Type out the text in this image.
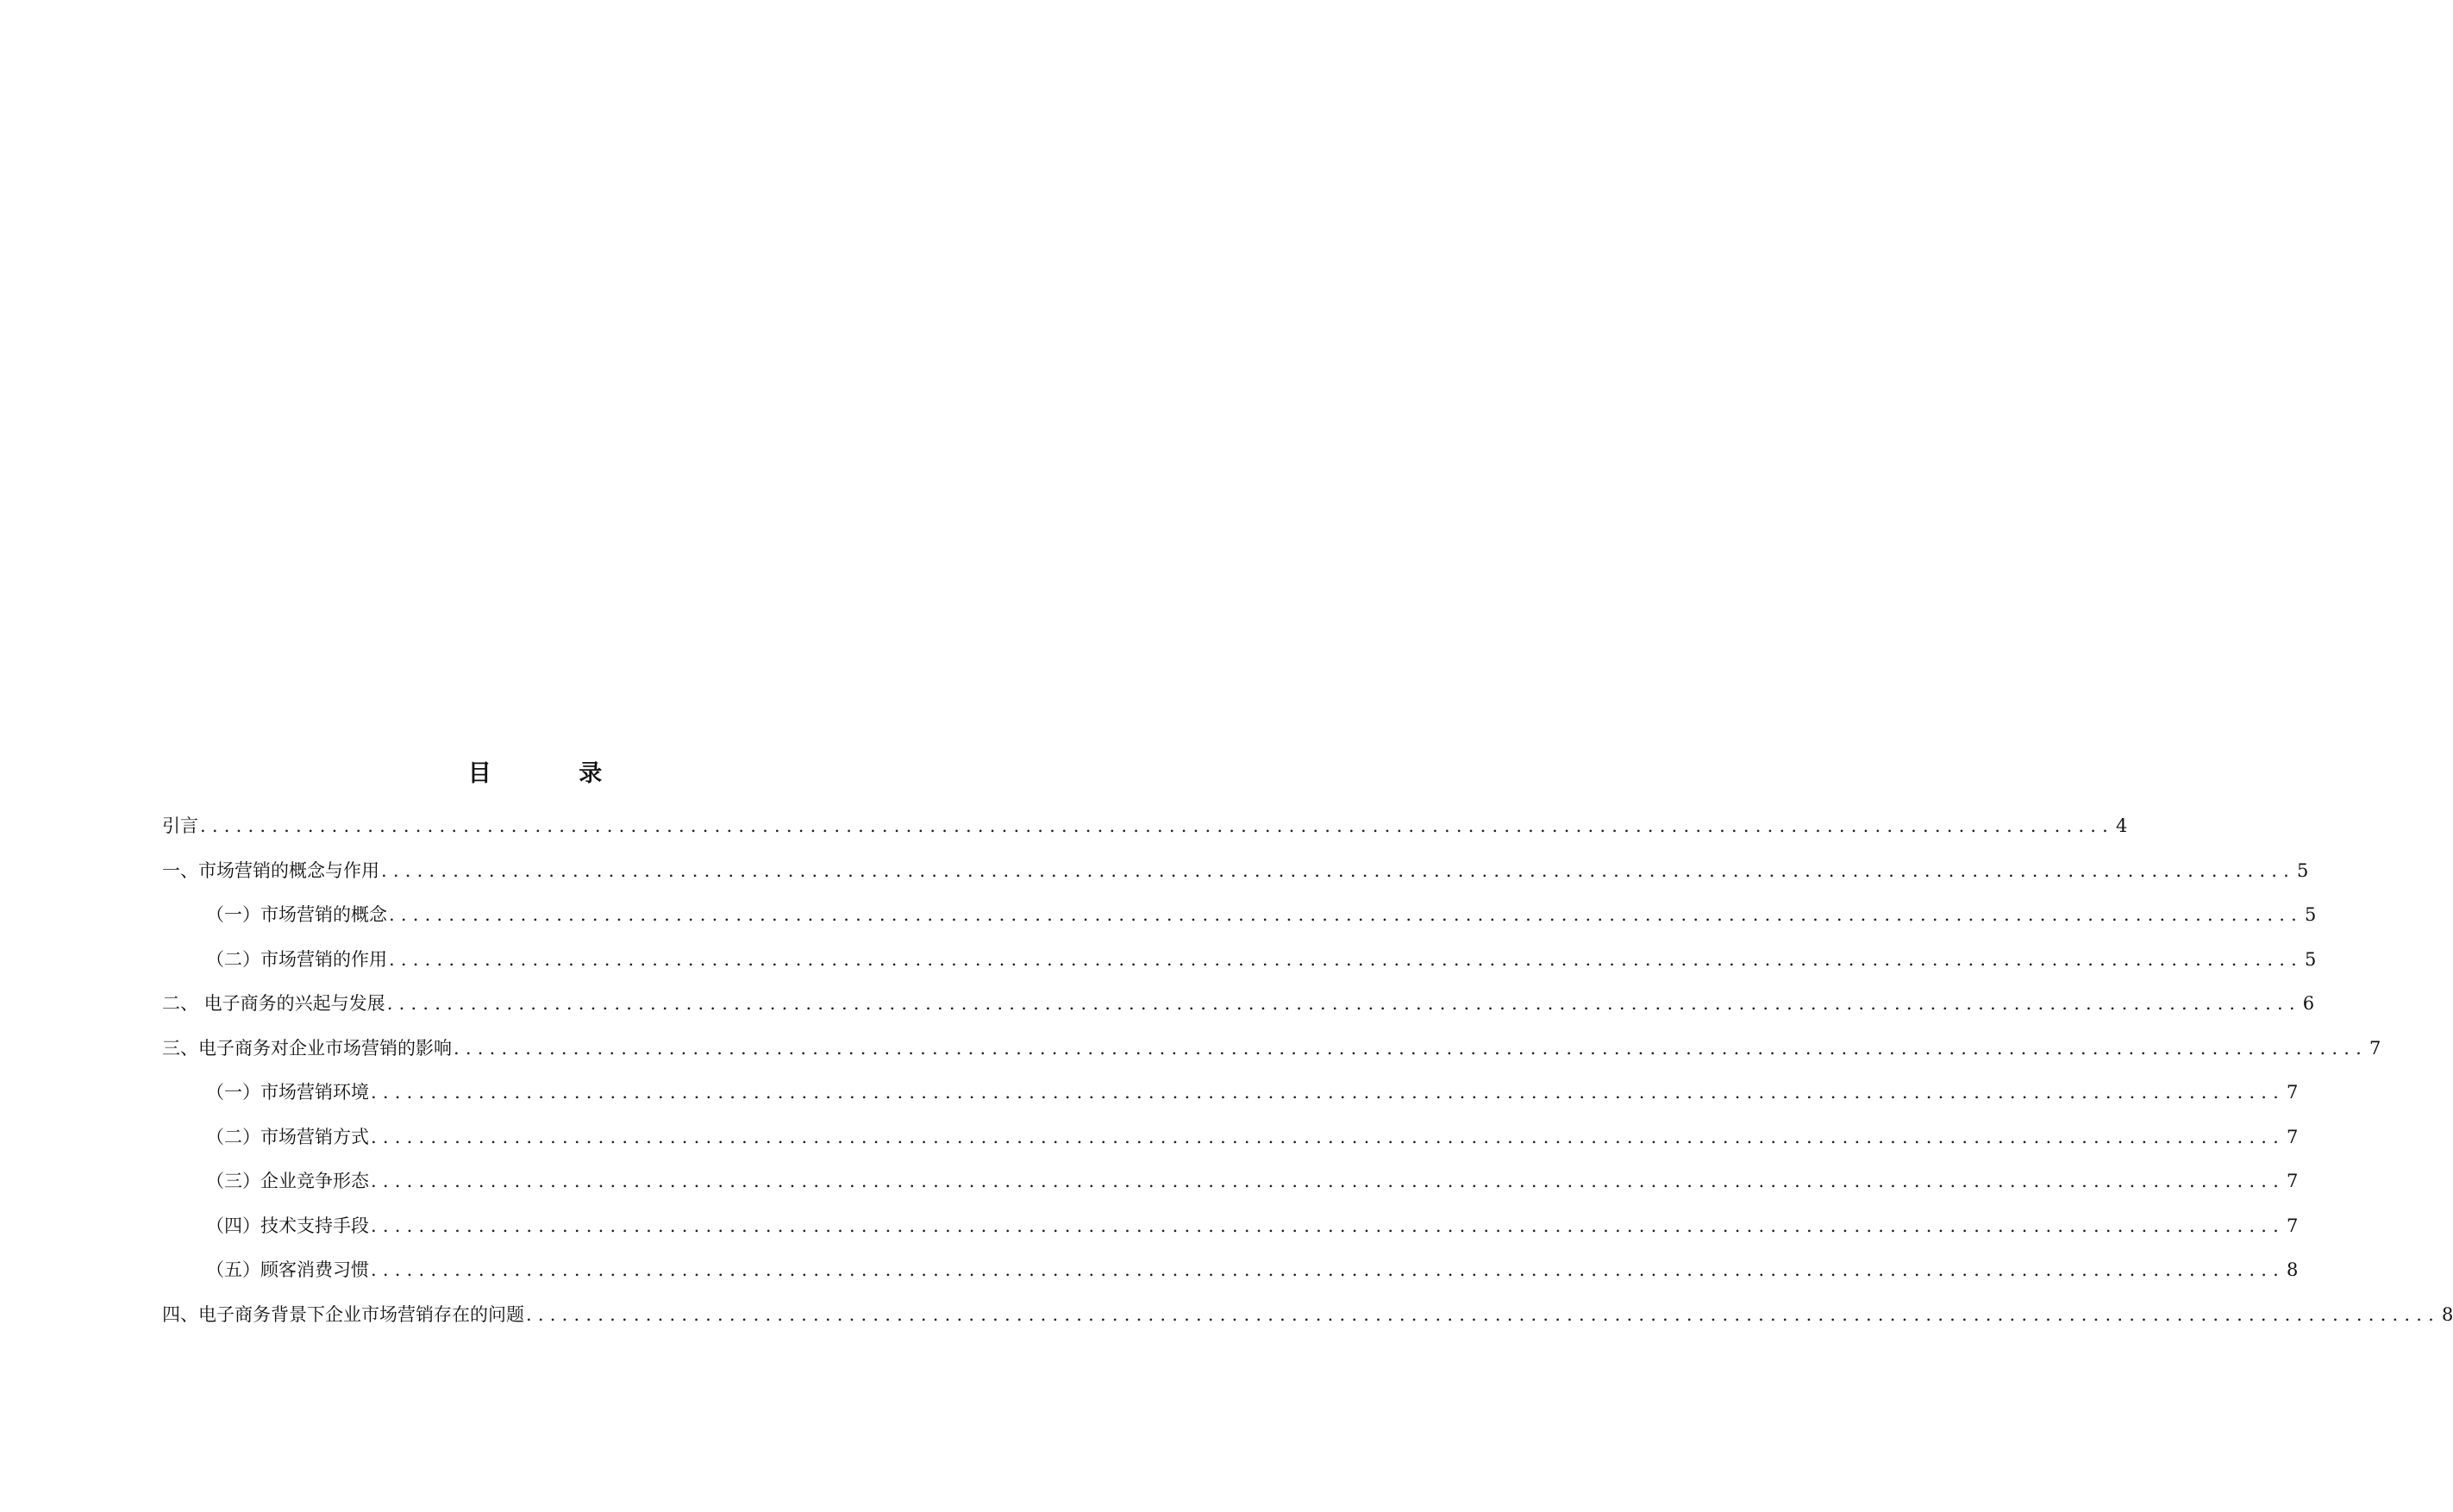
目 录
引言 ................................................................................................................................................................ 4
一、市场营销的概念与作用 ................................................................................................................................................................ 5
（一）市场营销的概念 ................................................................................................................................................................ 5
（二）市场营销的作用 ................................................................................................................................................................ 5
二、 电子商务的兴起与发展 ................................................................................................................................................................ 6
三、电子商务对企业市场营销的影响 ................................................................................................................................................................ 7
（一）市场营销环境 ................................................................................................................................................................ 7
（二）市场营销方式 ................................................................................................................................................................ 7
（三）企业竞争形态 ................................................................................................................................................................ 7
（四）技术支持手段 ................................................................................................................................................................ 7
（五）顾客消费习惯 ................................................................................................................................................................ 8
四、电子商务背景下企业市场营销存在的问题 ................................................................................................................................................................ 8
